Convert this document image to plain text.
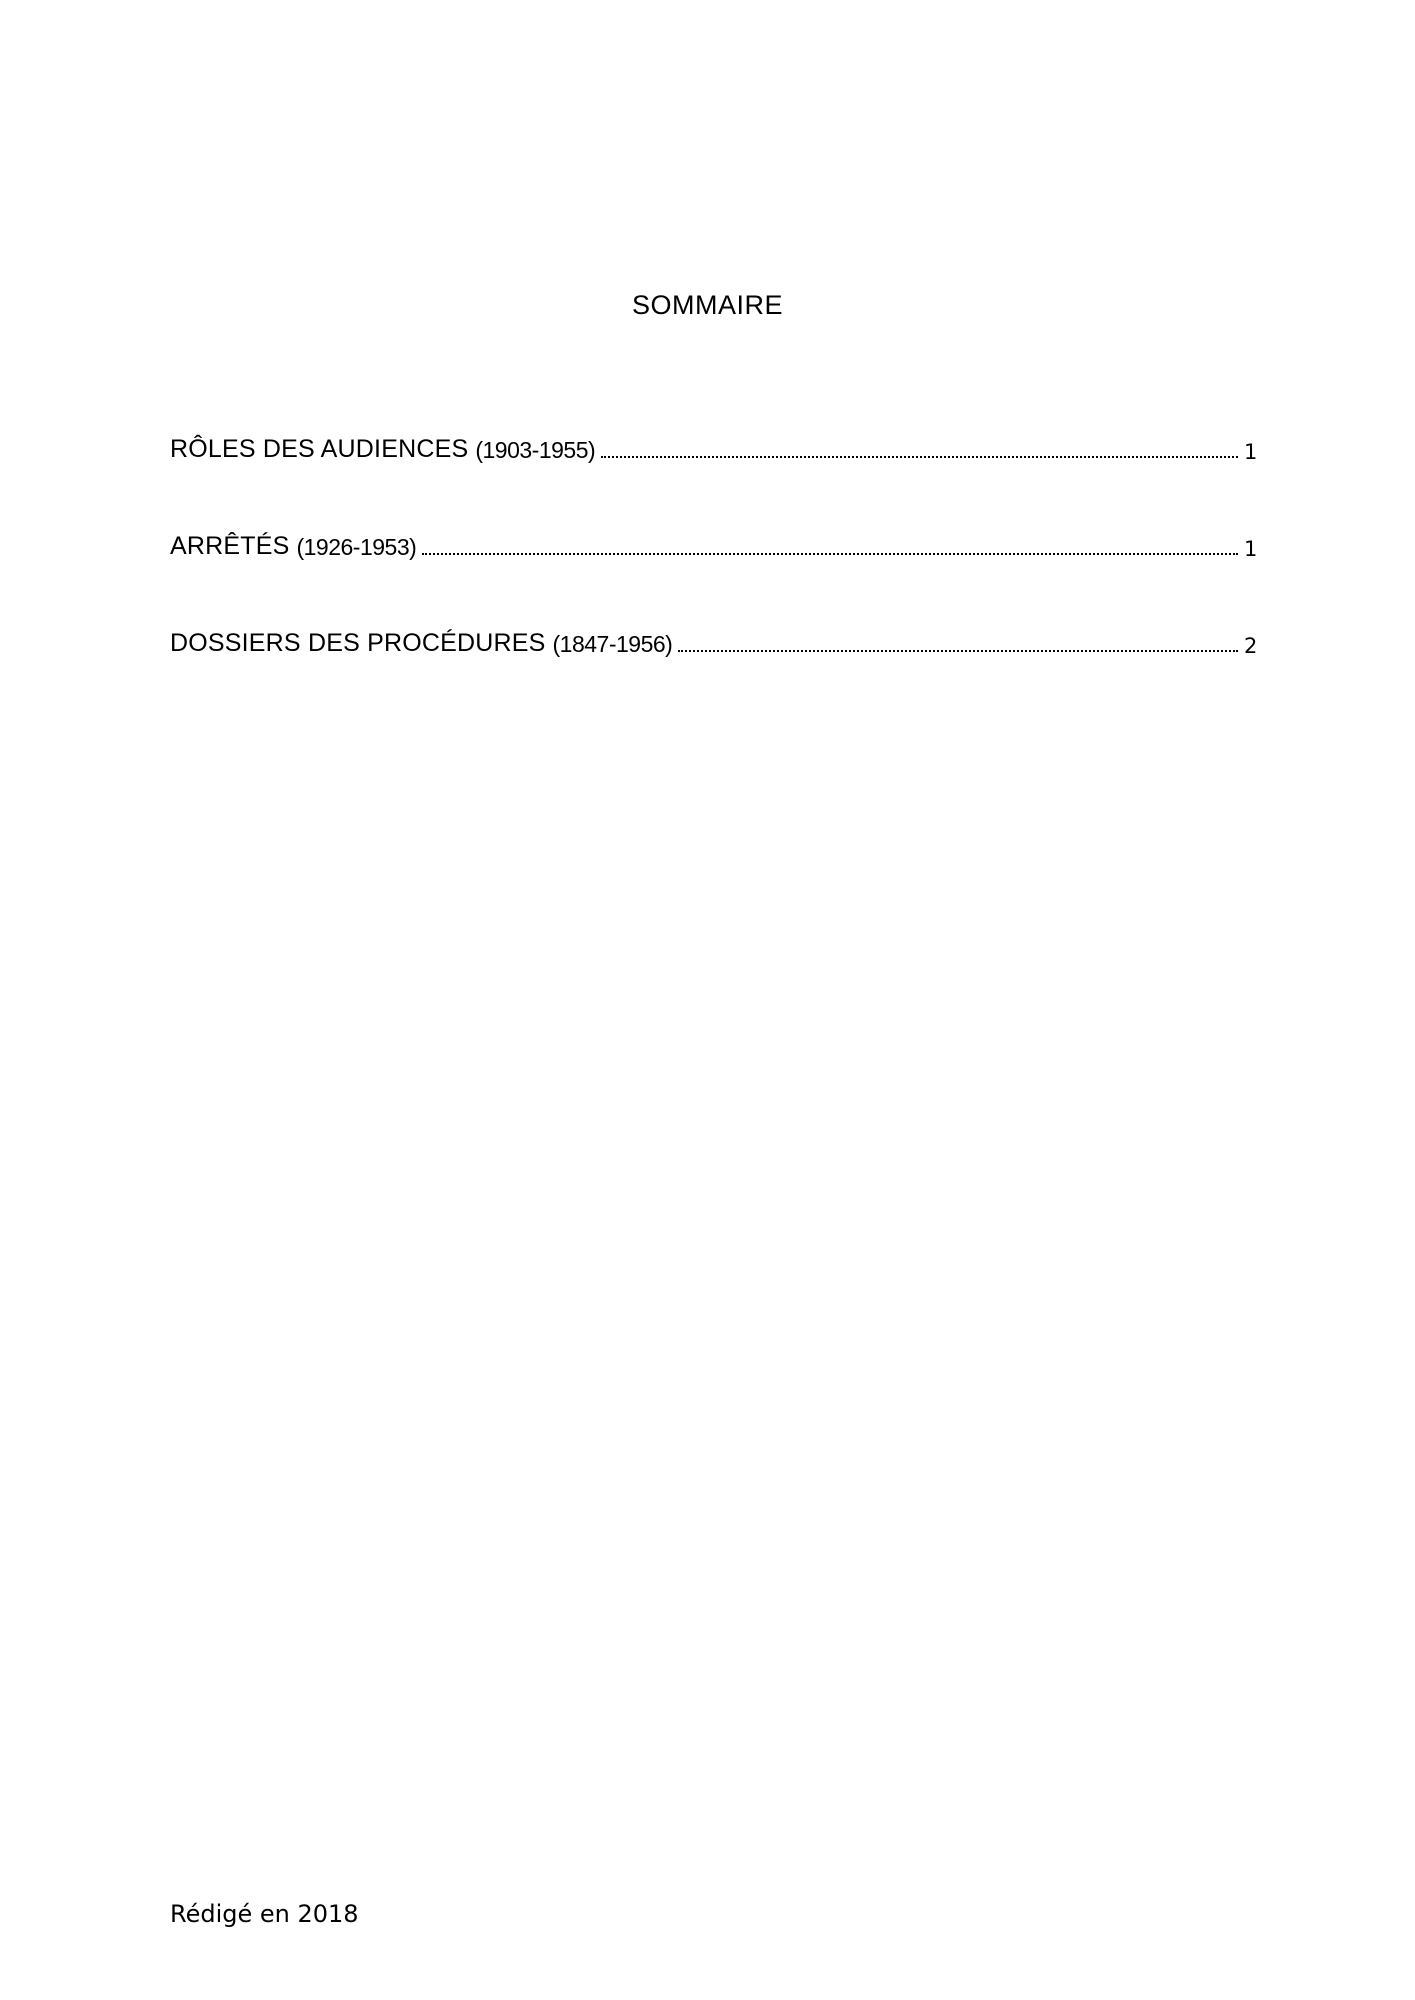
SOMMAIRE
RÔLES DES AUDIENCES (1903-1955)	1
ARRÊTÉS (1926-1953)	1
DOSSIERS DES PROCÉDURES (1847-1956)	2

Rédigé en 2018
